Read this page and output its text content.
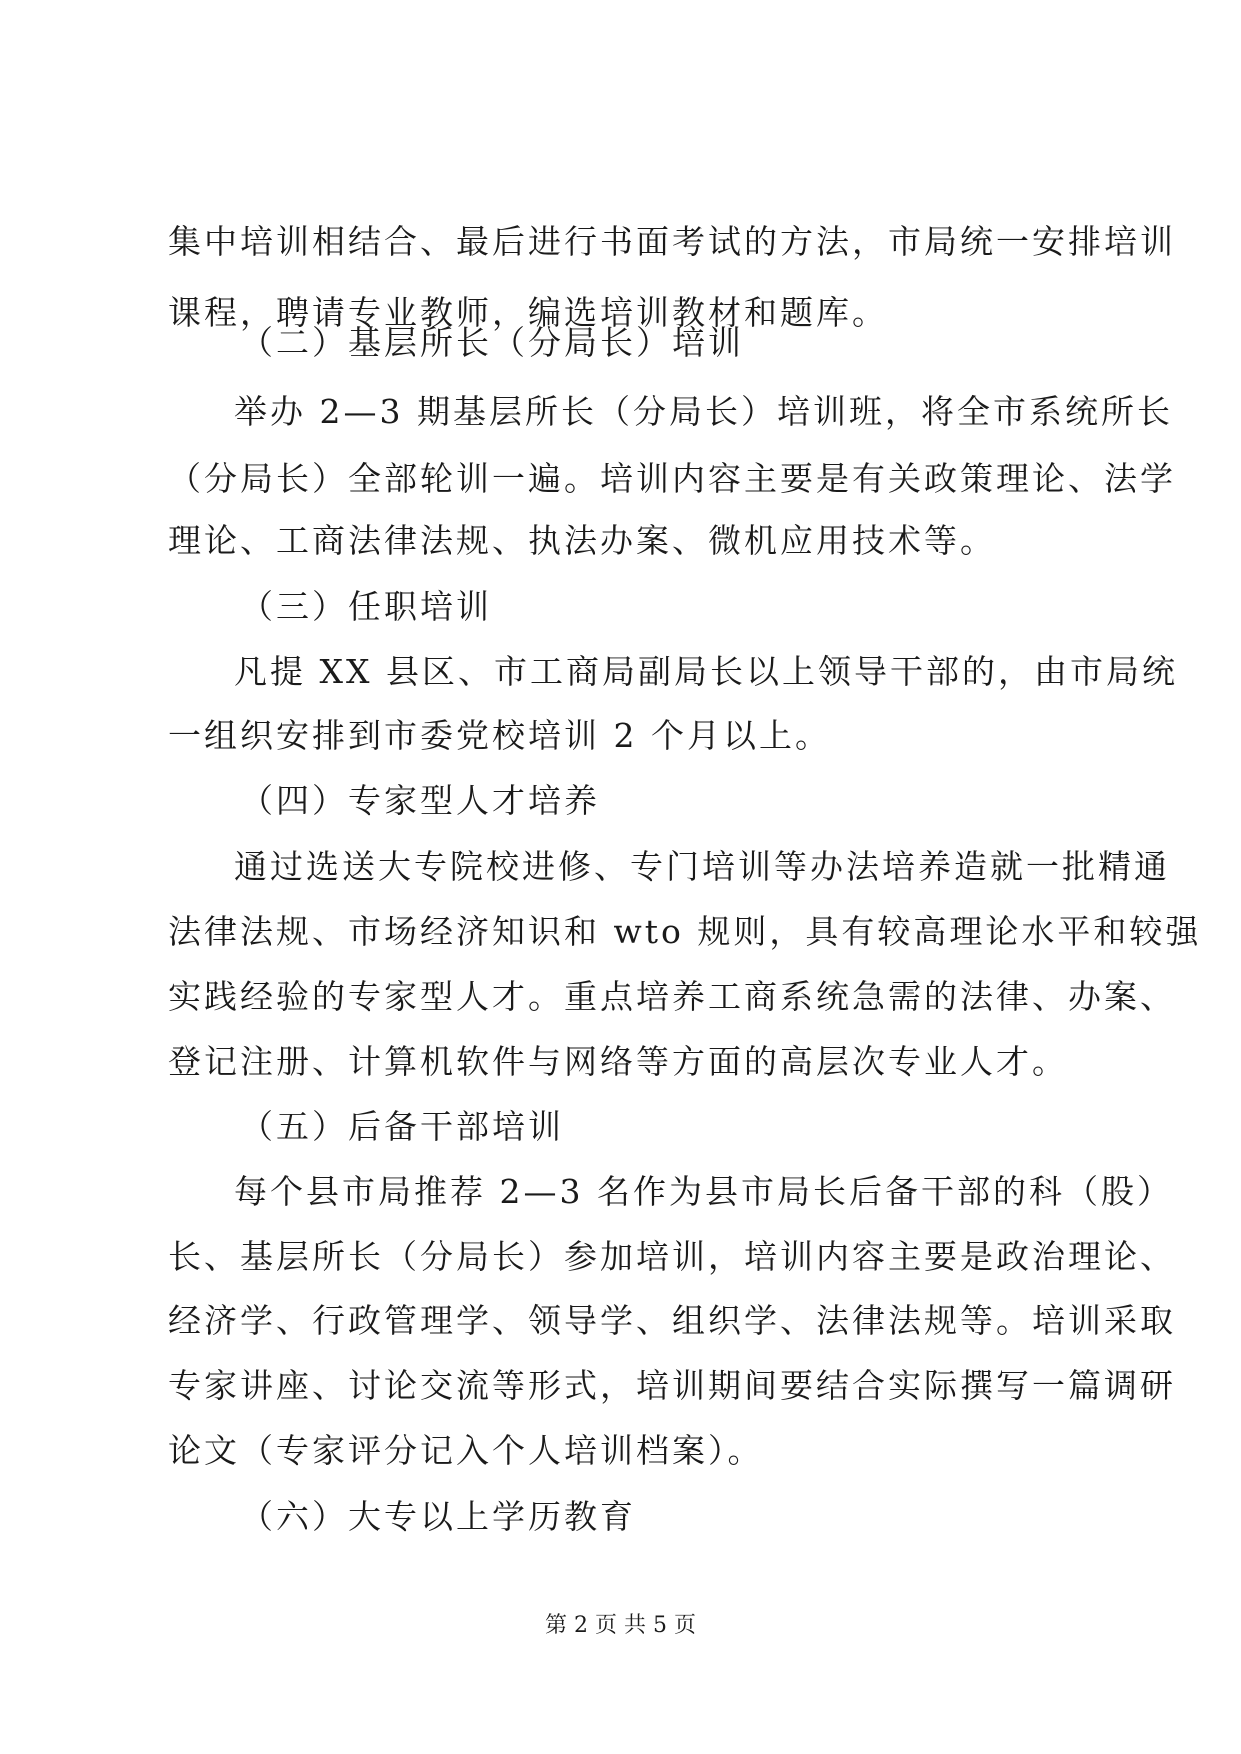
集中培训相结合、最后进行书面考试的方法，市局统一安排培训
课程，聘请专业教师，编选培训教材和题库。
（二）基层所长（分局长）培训
举办 2—3 期基层所长（分局长）培训班，将全市系统所长
（分局长）全部轮训一遍。培训内容主要是有关政策理论、法学
理论、工商法律法规、执法办案、微机应用技术等。
（三）任职培训
凡提 XX 县区、市工商局副局长以上领导干部的，由市局统
一组织安排到市委党校培训 2 个月以上。
（四）专家型人才培养
通过选送大专院校进修、专门培训等办法培养造就一批精通
法律法规、市场经济知识和 wto 规则，具有较高理论水平和较强
实践经验的专家型人才。重点培养工商系统急需的法律、办案、
登记注册、计算机软件与网络等方面的高层次专业人才。
（五）后备干部培训
每个县市局推荐 2—3 名作为县市局长后备干部的科（股）
长、基层所长（分局长）参加培训，培训内容主要是政治理论、
经济学、行政管理学、领导学、组织学、法律法规等。培训采取
专家讲座、讨论交流等形式，培训期间要结合实际撰写一篇调研
论文（专家评分记入个人培训档案）。
（六）大专以上学历教育
第 2 页 共 5 页
